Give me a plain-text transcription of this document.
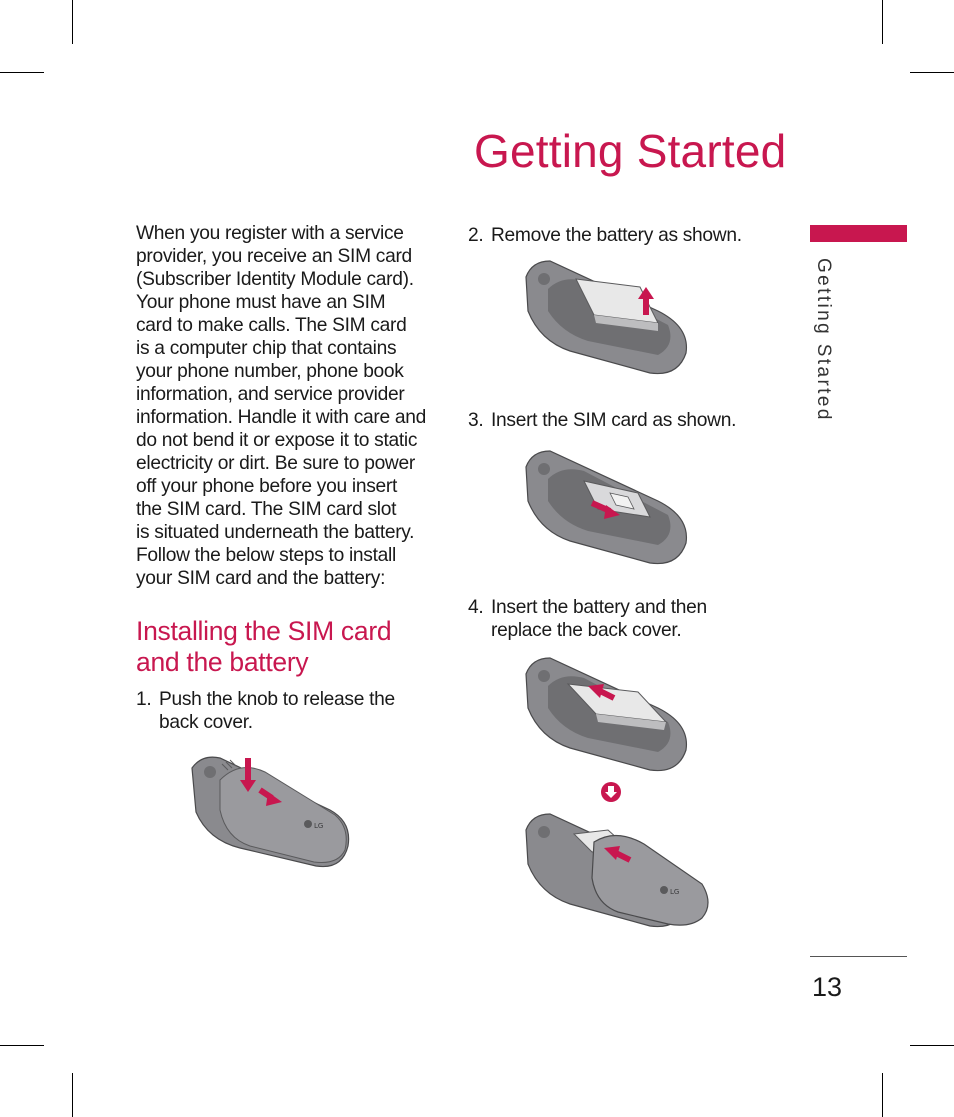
Getting Started
When you register with a service
provider, you receive an SIM card
(Subscriber Identity Module card).
Your phone must have an SIM
card to make calls. The SIM card
is a computer chip that contains
your phone number, phone book
information, and service provider
information. Handle it with care and
do not bend it or expose it to static
electricity or dirt. Be sure to power
off your phone before you insert
the SIM card. The SIM card slot
is situated underneath the battery.
Follow the below steps to install
your SIM card and the battery:
Installing the SIM card
and the battery
1. Push the knob to release the
back cover.
2. Remove the battery as shown.
3. Insert the SIM card as shown.
4. Insert the battery and then
replace the back cover.
Getting Started
13
LG
LG
